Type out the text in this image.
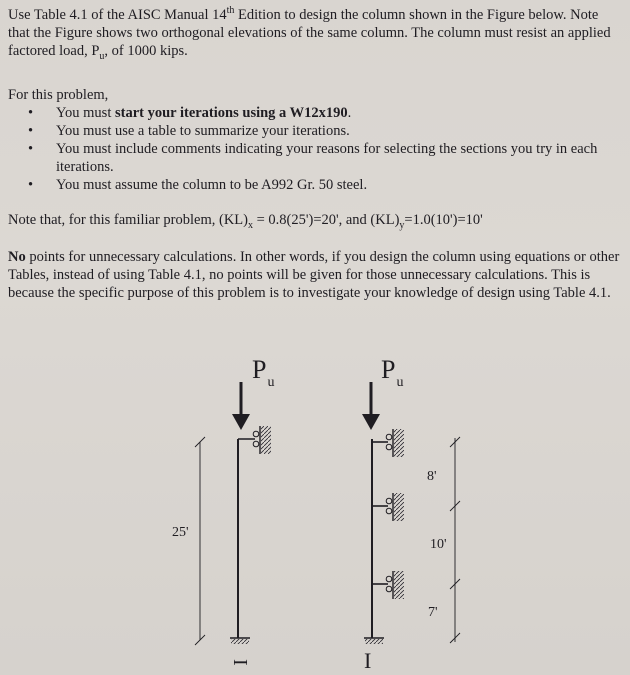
Use Table 4.1 of the AISC Manual 14th Edition to design the column shown in the Figure below. Note that the Figure shows two orthogonal elevations of the same column. The column must resist an applied factored load, $P_u$, of 1000 kips.

For this problem,

• You must start your iterations using a W12x190.
• You must use a table to summarize your iterations.
• You must include comments indicating your reasons for selecting the sections you try in each iterations.
• You must assume the column to be A992 Gr. 50 steel.

Note that, for this familiar problem, $(KL)_x = 0.8(25')=20'$, and $(KL)_y=1.0(10')=10'$

No points for unnecessary calculations. In other words, if you design the column using equations or other Tables, instead of using Table 4.1, no points will be given for those unnecessary calculations. This is because the specific purpose of this problem is to investigate your knowledge of design using Table 4.1.

$P_u$
25'
I
$P_u$
8'
10'
7'
I
